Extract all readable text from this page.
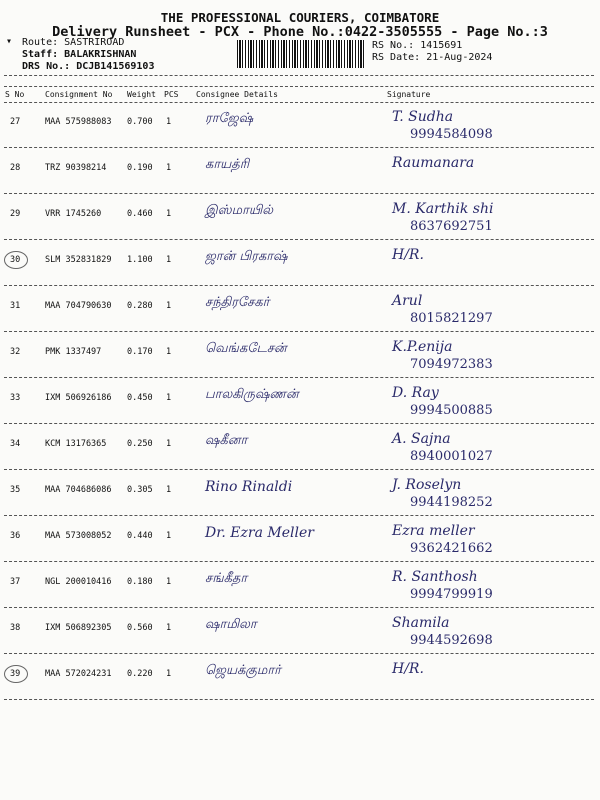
▾
THE PROFESSIONAL COURIERS, COIMBATORE
Delivery Runsheet - PCX - Phone No.:0422-3505555 - Page No.:3
Route: SASTRIROAD
Staff: BALAKRISHNAN
DRS No.: DCJB141569103
RS No.: 1415691
RS Date: 21-Aug-2024
S No	Consignment No Weight PCS Consignee Details	Signature
27	MAA 575988083 0.700 1	ராஜேஷ்	T. Sudha
9994584098
28	TRZ 90398214 0.190 1	காயத்ரி	Raumanara
29	VRR 1745260	0.460 1	இஸ்மாயில்	M. Karthik shi
8637692751
30	SLM 352831829 1.100 1	ஜான் பிரகாஷ்	H/R.
31	MAA 704790630 0.280 1	சந்திரசேகர்	Arul
8015821297
32	PMK 1337497	0.170 1	வெங்கடேசன்	K.P.enija
7094972383
33	IXM 506926186 0.450 1	பாலகிருஷ்ணன்	D. Ray
9994500885
34	KCM 13176365 0.250 1	ஷகீனா	A. Sajna
8940001027
35	MAA 704686086 0.305 1 Rino Rinaldi	J. Roselyn
9944198252
36	MAA 573008052 0.440 1 Dr. Ezra Meller	Ezra meller
9362421662
37	NGL 200010416 0.180 1	சங்கீதா	R. Santhosh
9994799919
38	IXM 506892305 0.560 1	ஷாமிலா	Shamila
9944592698
39	MAA 572024231 0.220 1	ஜெயக்குமார்	H/R.
